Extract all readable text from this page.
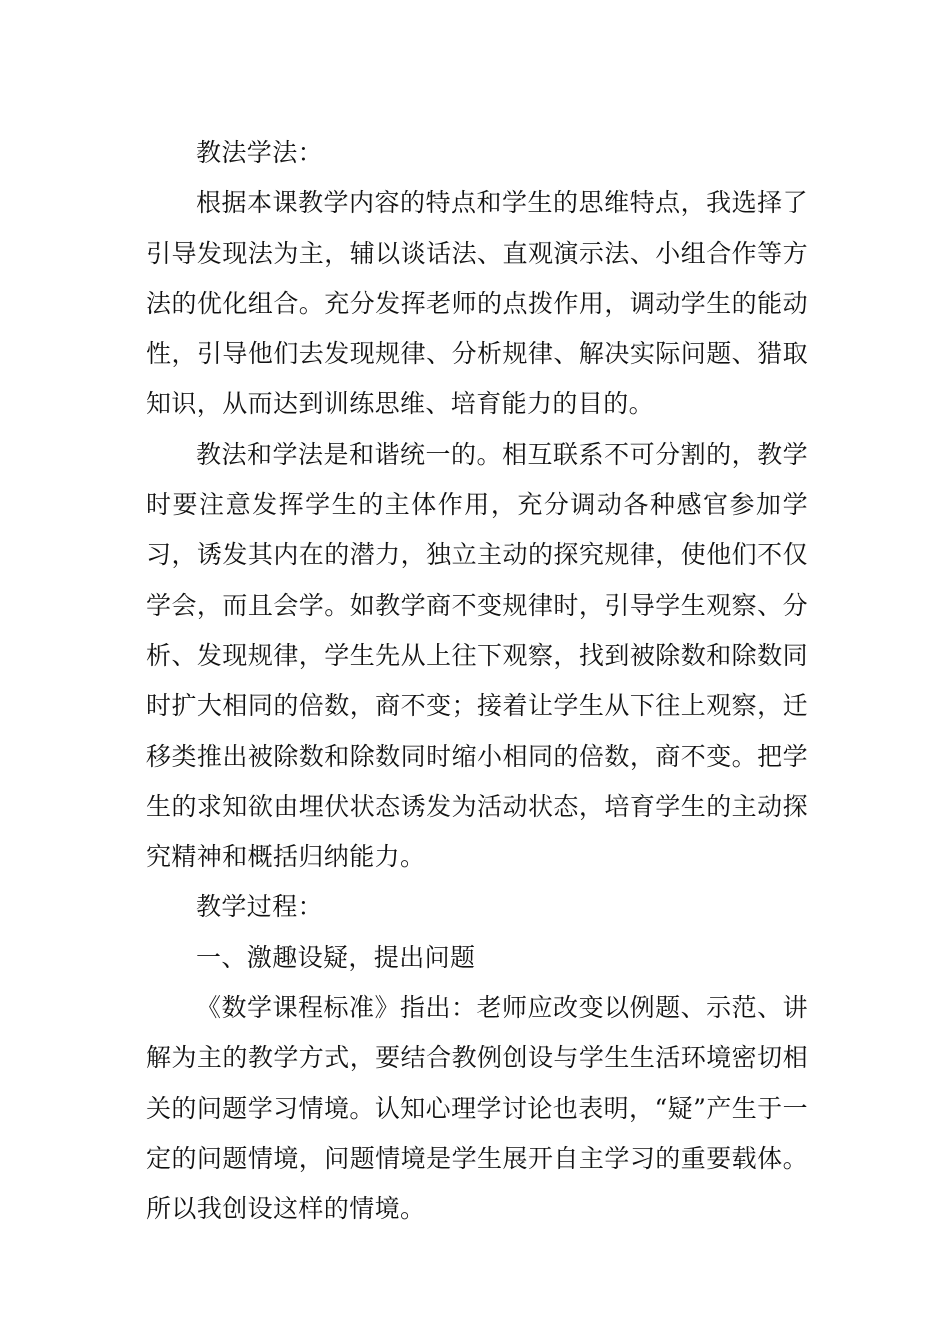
教法学法：

根据本课教学内容的特点和学生的思维特点，我选择了引导发现法为主，辅以谈话法、直观演示法、小组合作等方法的优化组合。充分发挥老师的点拨作用，调动学生的能动性，引导他们去发现规律、分析规律、解决实际问题、猎取知识，从而达到训练思维、培育能力的目的。

教法和学法是和谐统一的。相互联系不可分割的，教学时要注意发挥学生的主体作用，充分调动各种感官参加学习，诱发其内在的潜力，独立主动的探究规律，使他们不仅学会，而且会学。如教学商不变规律时，引导学生观察、分析、发现规律，学生先从上往下观察，找到被除数和除数同时扩大相同的倍数，商不变；接着让学生从下往上观察，迁移类推出被除数和除数同时缩小相同的倍数，商不变。把学生的求知欲由埋伏状态诱发为活动状态，培育学生的主动探究精神和概括归纳能力。

教学过程：

一、激趣设疑，提出问题

《数学课程标准》指出：老师应改变以例题、示范、讲解为主的教学方式，要结合教例创设与学生生活环境密切相关的问题学习情境。认知心理学讨论也表明，“疑”产生于一定的问题情境，问题情境是学生展开自主学习的重要载体。所以我创设这样的情境。
